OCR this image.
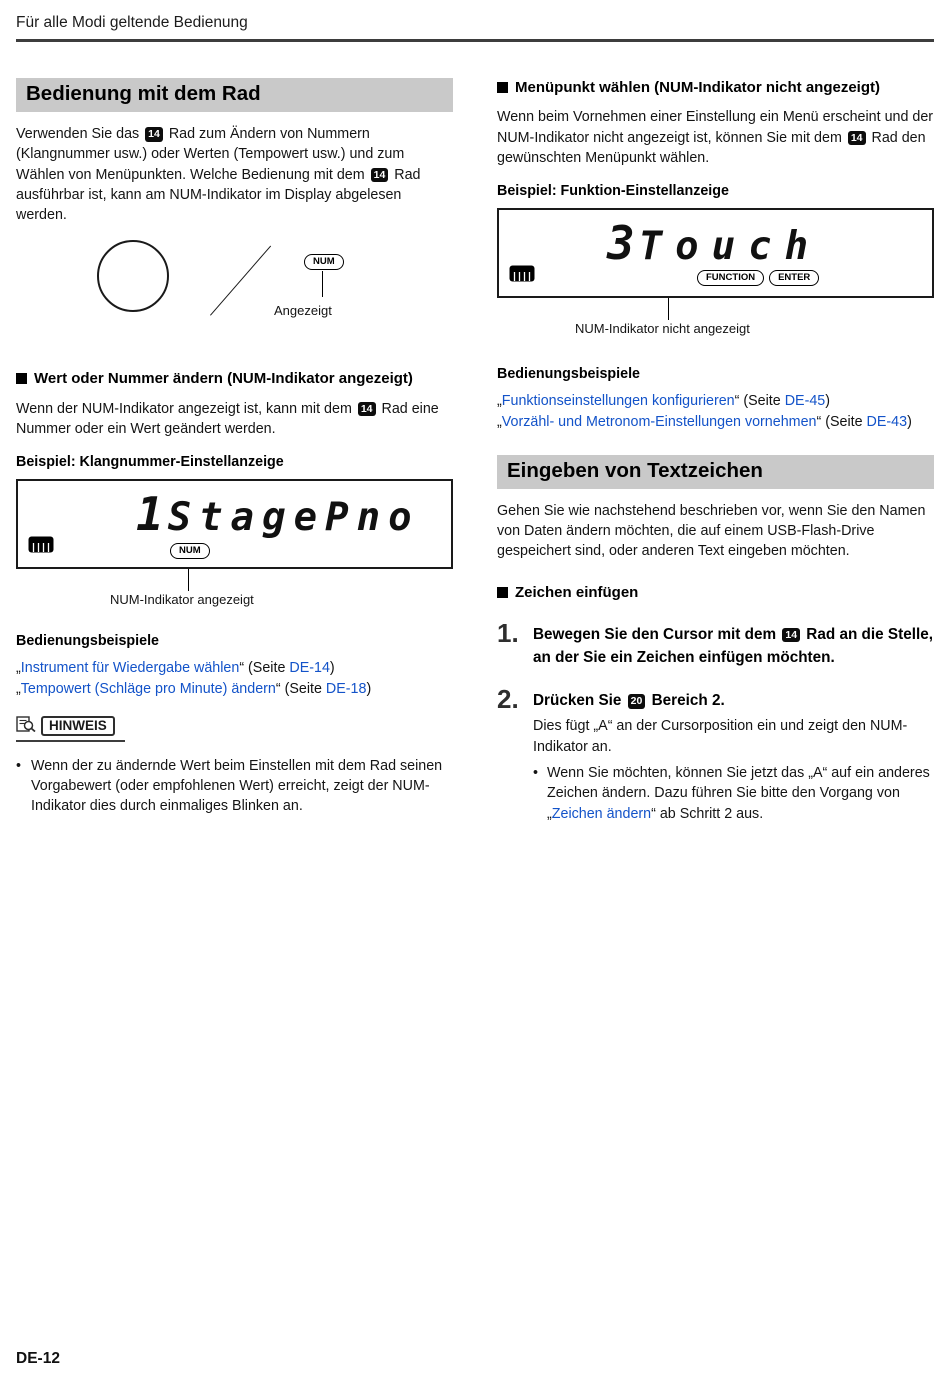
Für alle Modi geltende Bedienung
Bedienung mit dem Rad

Verwenden Sie das 14 Rad zum Ändern von Nummern (Klangnummer usw.) oder Werten (Tempowert usw.) und zum Wählen von Menüpunkten. Welche Bedienung mit dem 14 Rad ausführbar ist, kann am NUM-Indikator im Display abgelesen werden.

NUM
Angezeigt
Wert oder Nummer ändern (NUM-Indikator angezeigt)

Wenn der NUM-Indikator angezeigt ist, kann mit dem 14 Rad eine Nummer oder ein Wert geändert werden.

Beispiel: Klangnummer-Einstellanzeige
1 StagePno
NUM
NUM-Indikator angezeigt
Bedienungsbeispiele
„Instrument für Wiedergabe wählen“ (Seite DE-14)
„Tempowert (Schläge pro Minute) ändern“ (Seite DE-18)
HINWEIS
• Wenn der zu ändernde Wert beim Einstellen mit dem Rad seinen Vorgabewert (oder empfohlenen Wert) erreicht, zeigt der NUM-Indikator dies durch einmaliges Blinken an.
Menüpunkt wählen (NUM-Indikator nicht angezeigt)

Wenn beim Vornehmen einer Einstellung ein Menü erscheint und der NUM-Indikator nicht angezeigt ist, können Sie mit dem 14 Rad den gewünschten Menüpunkt wählen.

Beispiel: Funktion-Einstellanzeige
3 Touch
FUNCTION	ENTER
NUM-Indikator nicht angezeigt
Bedienungsbeispiele
„Funktionseinstellungen konfigurieren“ (Seite DE-45)
„Vorzähl- und Metronom-Einstellungen vornehmen“ (Seite DE-43)
Eingeben von Textzeichen

Gehen Sie wie nachstehend beschrieben vor, wenn Sie den Namen von Daten ändern möchten, die auf einem USB-Flash-Drive gespeichert sind, oder anderen Text eingeben möchten.

Zeichen einfügen
1. Bewegen Sie den Cursor mit dem 14 Rad an die Stelle, an der Sie ein Zeichen einfügen möchten.
2. Drücken Sie 20 Bereich 2.
Dies fügt „A“ an der Cursorposition ein und zeigt den NUM-Indikator an.
• Wenn Sie möchten, können Sie jetzt das „A“ auf ein anderes Zeichen ändern. Dazu führen Sie bitte den Vorgang von „Zeichen ändern“ ab Schritt 2 aus.
DE-12
